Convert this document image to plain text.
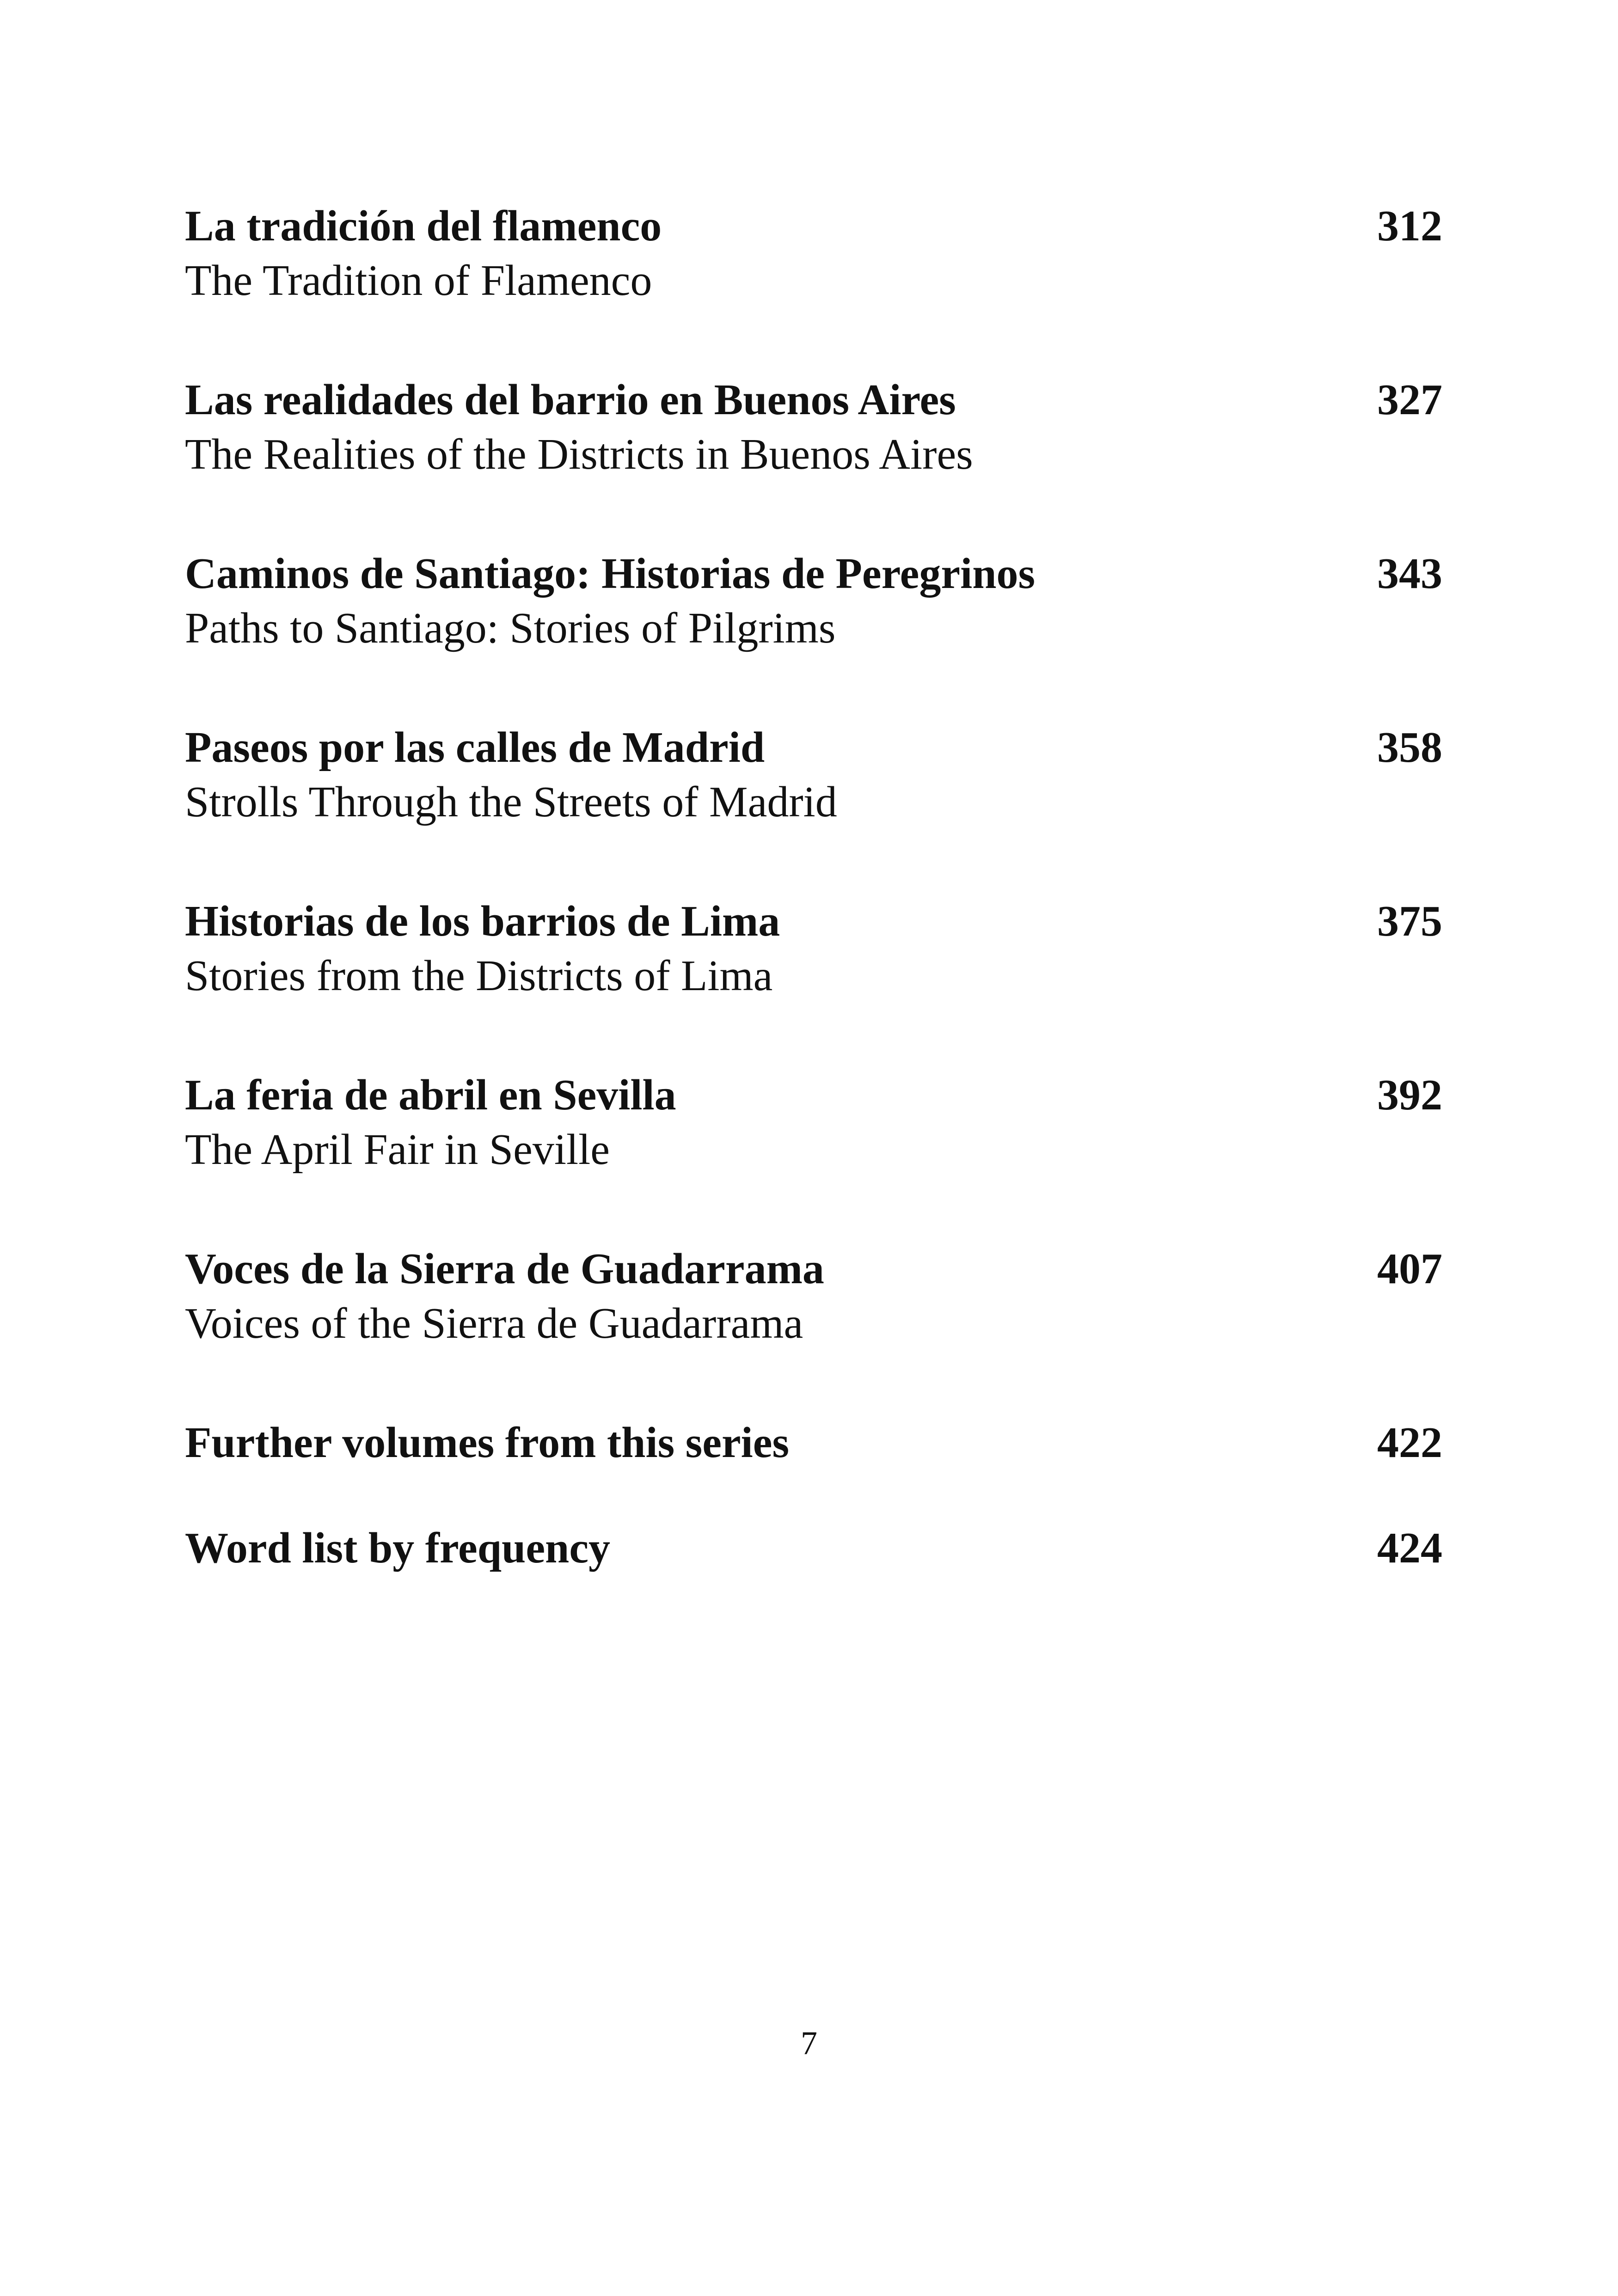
La tradición del flamenco	312
The Tradition of Flamenco
Las realidades del barrio en Buenos Aires	327
The Realities of the Districts in Buenos Aires
Caminos de Santiago: Historias de Peregrinos	343
Paths to Santiago: Stories of Pilgrims
Paseos por las calles de Madrid	358
Strolls Through the Streets of Madrid
Historias de los barrios de Lima	375
Stories from the Districts of Lima
La feria de abril en Sevilla	392
The April Fair in Seville
Voces de la Sierra de Guadarrama	407
Voices of the Sierra de Guadarrama
Further volumes from this series	422
Word list by frequency	424
7
